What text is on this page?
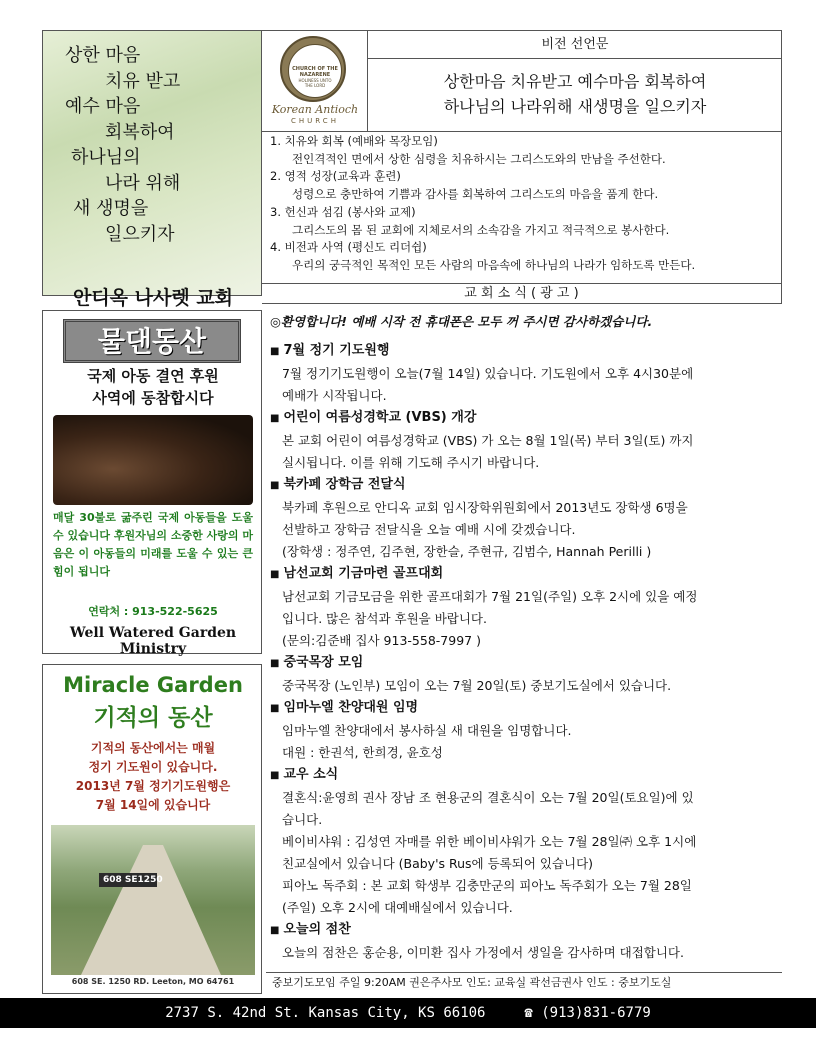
상한 마음
치유 받고
예수 마음
회복하여
하나님의
나라 위해
새 생명을
일으키자
안디옥 나사렛 교회
물댄동산
국제 아동 결연 후원
사역에 동참합시다
매달 30불로 굶주린 국제 아동들을 도울 수 있습니다 후원자님의 소중한 사랑의 마음은 이 아동들의 미래를 도울 수 있는 큰 힘이 됩니다
연락처 : 913-522-5625
Well Watered Garden Ministry
Miracle Garden
기적의 동산
기적의 동산에서는 매월
정기 기도원이 있습니다.
2013년 7월 정기기도원행은
7월 14일에 있습니다
608 SE1250
608 SE. 1250 RD. Leeton, MO 64761
CHURCH OF THE NAZARENE
HOLINESS UNTO THE LORD
Korean Antioch
CHURCH
비전 선언문
상한마음 치유받고 예수마음 회복하여
하나님의 나라위해 새생명을 일으키자
1. 치유와 회복 (예배와 목장모임)
전인격적인 면에서 상한 심령을 치유하시는 그리스도와의 만남을 주선한다.
2. 영적 성장(교육과 훈련)
성령으로 충만하여 기쁨과 감사를 회복하여 그리스도의 마음을 품게 한다.
3. 헌신과 섬김 (봉사와 교제)
그리스도의 몸 된 교회에 지체로서의 소속감을 가지고 적극적으로 봉사한다.
4. 비전과 사역 (평신도 리더쉽)
우리의 궁극적인 목적인 모든 사람의 마음속에 하나님의 나라가 임하도록 만든다.
교 회 소 식 ( 광 고 )
◎환영합니다! 예배 시작 전 휴대폰은 모두 꺼 주시면 감사하겠습니다.
■ 7월 정기 기도원행
7월 정기기도원행이 오늘(7월 14일) 있습니다. 기도원에서 오후 4시30분에
예배가 시작됩니다.
■ 어린이 여름성경학교 (VBS) 개강
본 교회 어린이 여름성경학교 (VBS) 가 오는 8월 1일(목) 부터 3일(토) 까지
실시됩니다. 이를 위해 기도해 주시기 바랍니다.
■ 북카페 장학금 전달식
북카페 후원으로 안디옥 교회 임시장학위원회에서 2013년도 장학생 6명을
선발하고 장학금 전달식을 오늘 예배 시에 갖겠습니다.
(장학생 : 정주연, 김주현, 장한슬, 주현규, 김범수, Hannah Perilli )
■ 남선교회 기금마련 골프대회
남선교회 기금모금을 위한 골프대회가 7월 21일(주일) 오후 2시에 있을 예정
입니다. 많은 참석과 후원을 바랍니다.
(문의:김준배 집사 913-558-7997 )
■ 중국목장 모임
중국목장 (노인부) 모임이 오는 7월 20일(토) 중보기도실에서 있습니다.
■ 임마누엘 찬양대원 임명
임마누엘 찬양대에서 봉사하실 새 대원을 임명합니다.
대원 : 한권석, 한희경, 윤호성
■ 교우 소식
결혼식:윤영희 권사 장남 조 현용군의 결혼식이 오는 7월 20일(토요일)에 있
습니다.
베이비샤워 : 김성연 자매를 위한 베이비샤워가 오는 7월 28일㈜ 오후 1시에
친교실에서 있습니다 (Baby's Rus에 등록되어 있습니다)
피아노 독주회 : 본 교회 학생부 김충만군의 피아노 독주회가 오는 7월 28일
(주일) 오후 2시에 대예배실에서 있습니다.
■ 오늘의 점찬
오늘의 점찬은 홍순용, 이미환 집사 가정에서 생일을 감사하며 대접합니다.
중보기도모임 주일 9:20AM 권은주사모 인도: 교육실 곽선금권사 인도 : 중보기도실
2737 S. 42nd St. Kansas City, KS 66106	☎ (913)831-6779
